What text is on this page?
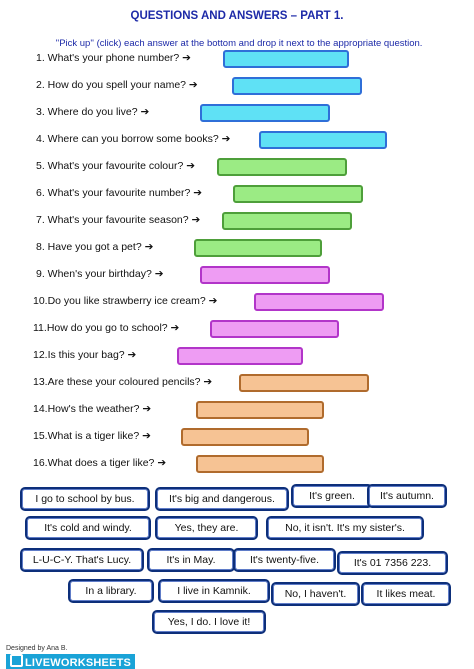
QUESTIONS AND ANSWERS – PART 1.
''Pick up'' (click) each answer at the bottom and drop it next to the appropriate question.
1. What's your phone number? ➔
2. How do you spell your name? ➔
3. Where do you live? ➔
4. Where can you borrow some books? ➔
5. What's your favourite colour? ➔
6. What's your favourite number? ➔
7. What's your favourite season? ➔
8. Have you got a pet? ➔
9. When's your birthday? ➔
10.Do you like strawberry ice cream? ➔
11.How do you go to school? ➔
12.Is this your bag? ➔
13.Are these your coloured pencils? ➔
14.How's the weather? ➔
15.What is a tiger like? ➔
16.What does a tiger like? ➔
I go to school by bus.	It's big and dangerous.	It's green.	It's autumn.
It's cold and windy.	Yes, they are.	No, it isn't. It's my sister's.
L-U-C-Y. That's Lucy.	It's in May.	It's twenty-five.	It's 01 7356 223.
In a library.	I live in Kamnik.	No, I haven't.	It likes meat.
Yes, I do. I love it!
Designed by Ana B.
LIVEWORKSHEETS
